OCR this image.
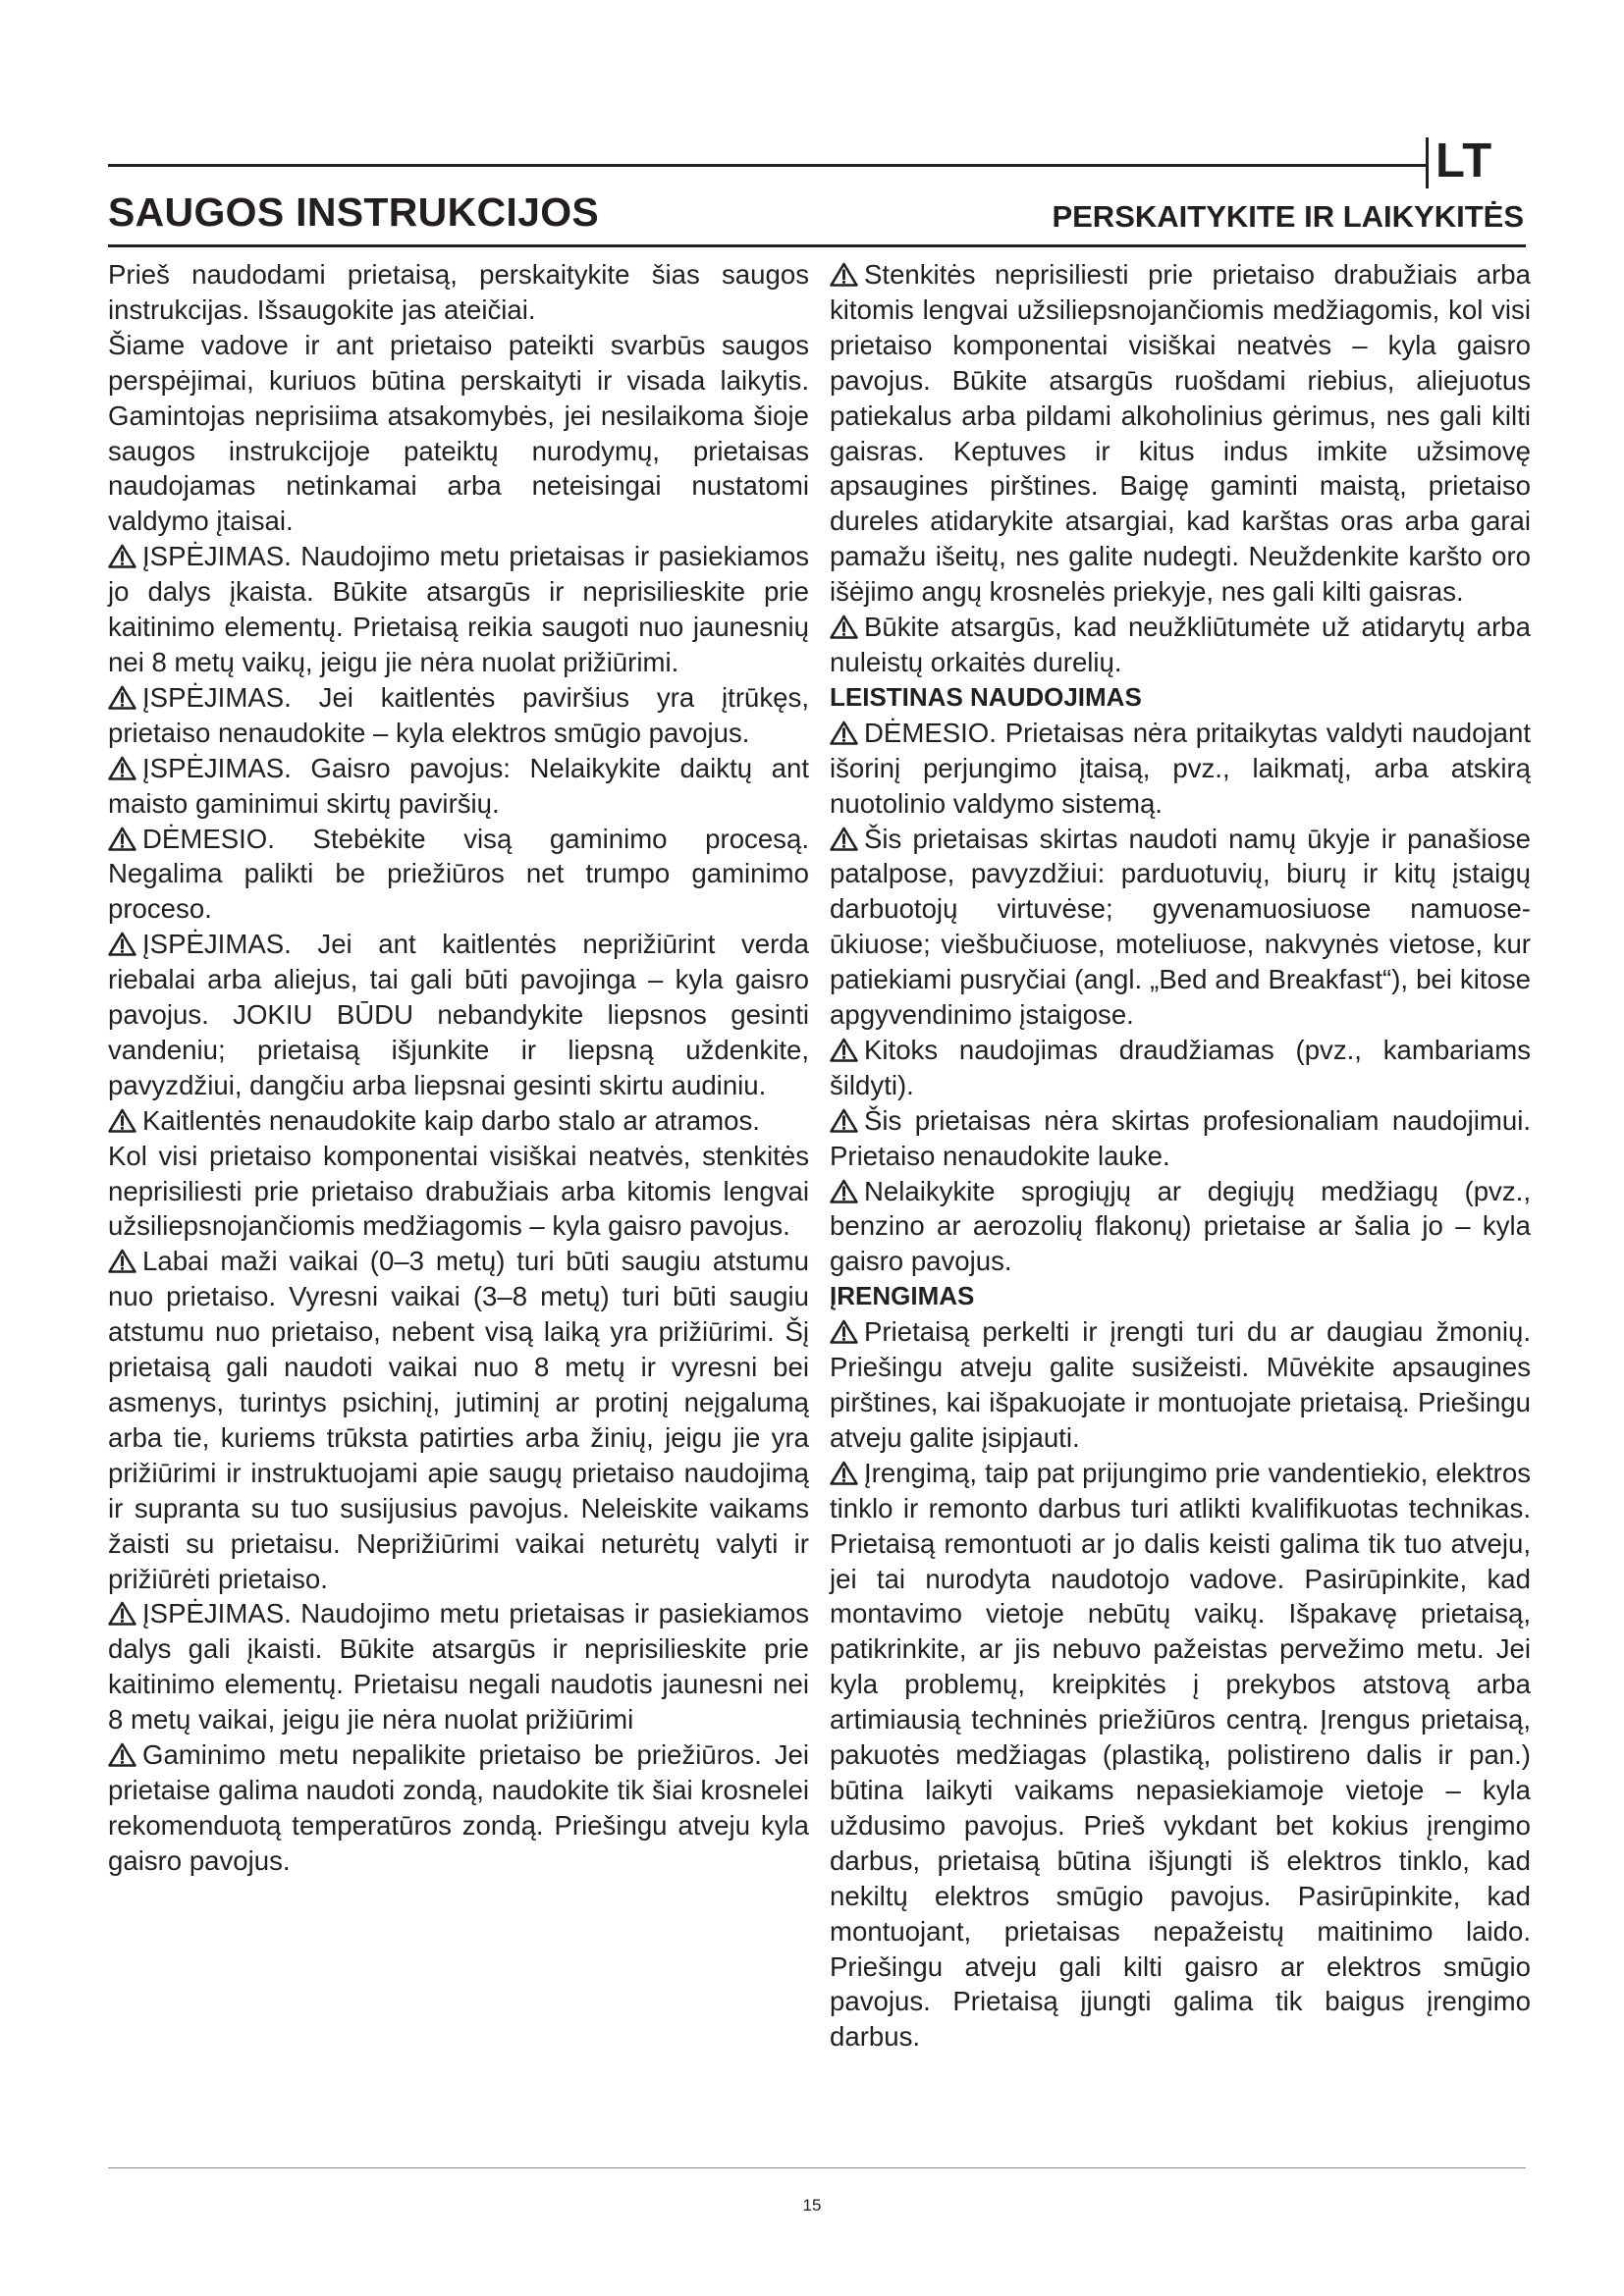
LT
SAUGOS INSTRUKCIJOS	PERSKAITYKITE IR LAIKYKITĖS

Prieš naudodami prietaisą, perskaitykite šias saugos instrukcijas. Išsaugokite jas ateičiai.

Šiame vadove ir ant prietaiso pateikti svarbūs saugos perspėjimai, kuriuos būtina perskaityti ir visada laikytis. Gamintojas neprisiima atsakomybės, jei nesilaikoma šioje saugos instrukcijoje pateiktų nurodymų, prietaisas naudojamas netinkamai arba neteisingai nustatomi valdymo įtaisai.

ĮSPĖJIMAS. Naudojimo metu prietaisas ir pasiekiamos jo dalys įkaista. Būkite atsargūs ir neprisilieskite prie kaitinimo elementų. Prietaisą reikia saugoti nuo jaunesnių nei 8 metų vaikų, jeigu jie nėra nuolat prižiūrimi.

ĮSPĖJIMAS. Jei kaitlentės paviršius yra įtrūkęs, prietaiso nenaudokite – kyla elektros smūgio pavojus.

ĮSPĖJIMAS. Gaisro pavojus: Nelaikykite daiktų ant maisto gaminimui skirtų paviršių.

DĖMESIO. Stebėkite visą gaminimo procesą. Negalima palikti be priežiūros net trumpo gaminimo proceso.

ĮSPĖJIMAS. Jei ant kaitlentės neprižiūrint verda riebalai arba aliejus, tai gali būti pavojinga – kyla gaisro pavojus. JOKIU BŪDU nebandykite liepsnos gesinti vandeniu; prietaisą išjunkite ir liepsną uždenkite, pavyzdžiui, dangčiu arba liepsnai gesinti skirtu audiniu.

Kaitlentės nenaudokite kaip darbo stalo ar atramos.

Kol visi prietaiso komponentai visiškai neatvės, stenkitės neprisiliesti prie prietaiso drabužiais arba kitomis lengvai užsiliepsnojančiomis medžiagomis – kyla gaisro pavojus.

Labai maži vaikai (0–3 metų) turi būti saugiu atstumu nuo prietaiso. Vyresni vaikai (3–8 metų) turi būti saugiu atstumu nuo prietaiso, nebent visą laiką yra prižiūrimi. Šį prietaisą gali naudoti vaikai nuo 8 metų ir vyresni bei asmenys, turintys psichinį, jutiminį ar protinį neįgalumą arba tie, kuriems trūksta patirties arba žinių, jeigu jie yra prižiūrimi ir instruktuojami apie saugų prietaiso naudojimą ir supranta su tuo susijusius pavojus. Neleiskite vaikams žaisti su prietaisu. Neprižiūrimi vaikai neturėtų valyti ir prižiūrėti prietaiso.

ĮSPĖJIMAS. Naudojimo metu prietaisas ir pasiekiamos dalys gali įkaisti. Būkite atsargūs ir neprisilieskite prie kaitinimo elementų. Prietaisu negali naudotis jaunesni nei 8 metų vaikai, jeigu jie nėra nuolat prižiūrimi

Gaminimo metu nepalikite prietaiso be priežiūros. Jei prietaise galima naudoti zondą, naudokite tik šiai krosnelei rekomenduotą temperatūros zondą. Priešingu atveju kyla gaisro pavojus.

Stenkitės neprisiliesti prie prietaiso drabužiais arba kitomis lengvai užsiliepsnojančiomis medžiagomis, kol visi prietaiso komponentai visiškai neatvės – kyla gaisro pavojus. Būkite atsargūs ruošdami riebius, aliejuotus patiekalus arba pildami alkoholinius gėrimus, nes gali kilti gaisras. Keptuves ir kitus indus imkite užsimovę apsaugines pirštines. Baigę gaminti maistą, prietaiso dureles atidarykite atsargiai, kad karštas oras arba garai pamažu išeitų, nes galite nudegti. Neuždenkite karšto oro išėjimo angų krosnelės priekyje, nes gali kilti gaisras.

Būkite atsargūs, kad neužkliūtumėte už atidarytų arba nuleistų orkaitės durelių.

LEISTINAS NAUDOJIMAS

DĖMESIO. Prietaisas nėra pritaikytas valdyti naudojant išorinį perjungimo įtaisą, pvz., laikmatį, arba atskirą nuotolinio valdymo sistemą.

Šis prietaisas skirtas naudoti namų ūkyje ir panašiose patalpose, pavyzdžiui: parduotuvių, biurų ir kitų įstaigų darbuotojų virtuvėse; gyvenamuosiuose namuose-ūkiuose; viešbučiuose, moteliuose, nakvynės vietose, kur patiekiami pusryčiai (angl. „Bed and Breakfast“), bei kitose apgyvendinimo įstaigose.

Kitoks naudojimas draudžiamas (pvz., kambariams šildyti).

Šis prietaisas nėra skirtas profesionaliam naudojimui. Prietaiso nenaudokite lauke.

Nelaikykite sprogiųjų ar degiųjų medžiagų (pvz., benzino ar aerozolių flakonų) prietaise ar šalia jo – kyla gaisro pavojus.

ĮRENGIMAS

Prietaisą perkelti ir įrengti turi du ar daugiau žmonių. Priešingu atveju galite susižeisti. Mūvėkite apsaugines pirštines, kai išpakuojate ir montuojate prietaisą. Priešingu atveju galite įsipjauti.

Įrengimą, taip pat prijungimo prie vandentiekio, elektros tinklo ir remonto darbus turi atlikti kvalifikuotas technikas. Prietaisą remontuoti ar jo dalis keisti galima tik tuo atveju, jei tai nurodyta naudotojo vadove. Pasirūpinkite, kad montavimo vietoje nebūtų vaikų. Išpakavę prietaisą, patikrinkite, ar jis nebuvo pažeistas pervežimo metu. Jei kyla problemų, kreipkitės į prekybos atstovą arba artimiausią techninės priežiūros centrą. Įrengus prietaisą, pakuotės medžiagas (plastiką, polistireno dalis ir pan.) būtina laikyti vaikams nepasiekiamoje vietoje – kyla uždusimo pavojus. Prieš vykdant bet kokius įrengimo darbus, prietaisą būtina išjungti iš elektros tinklo, kad nekiltų elektros smūgio pavojus. Pasirūpinkite, kad montuojant, prietaisas nepažeistų maitinimo laido. Priešingu atveju gali kilti gaisro ar elektros smūgio pavojus. Prietaisą įjungti galima tik baigus įrengimo darbus.

15
